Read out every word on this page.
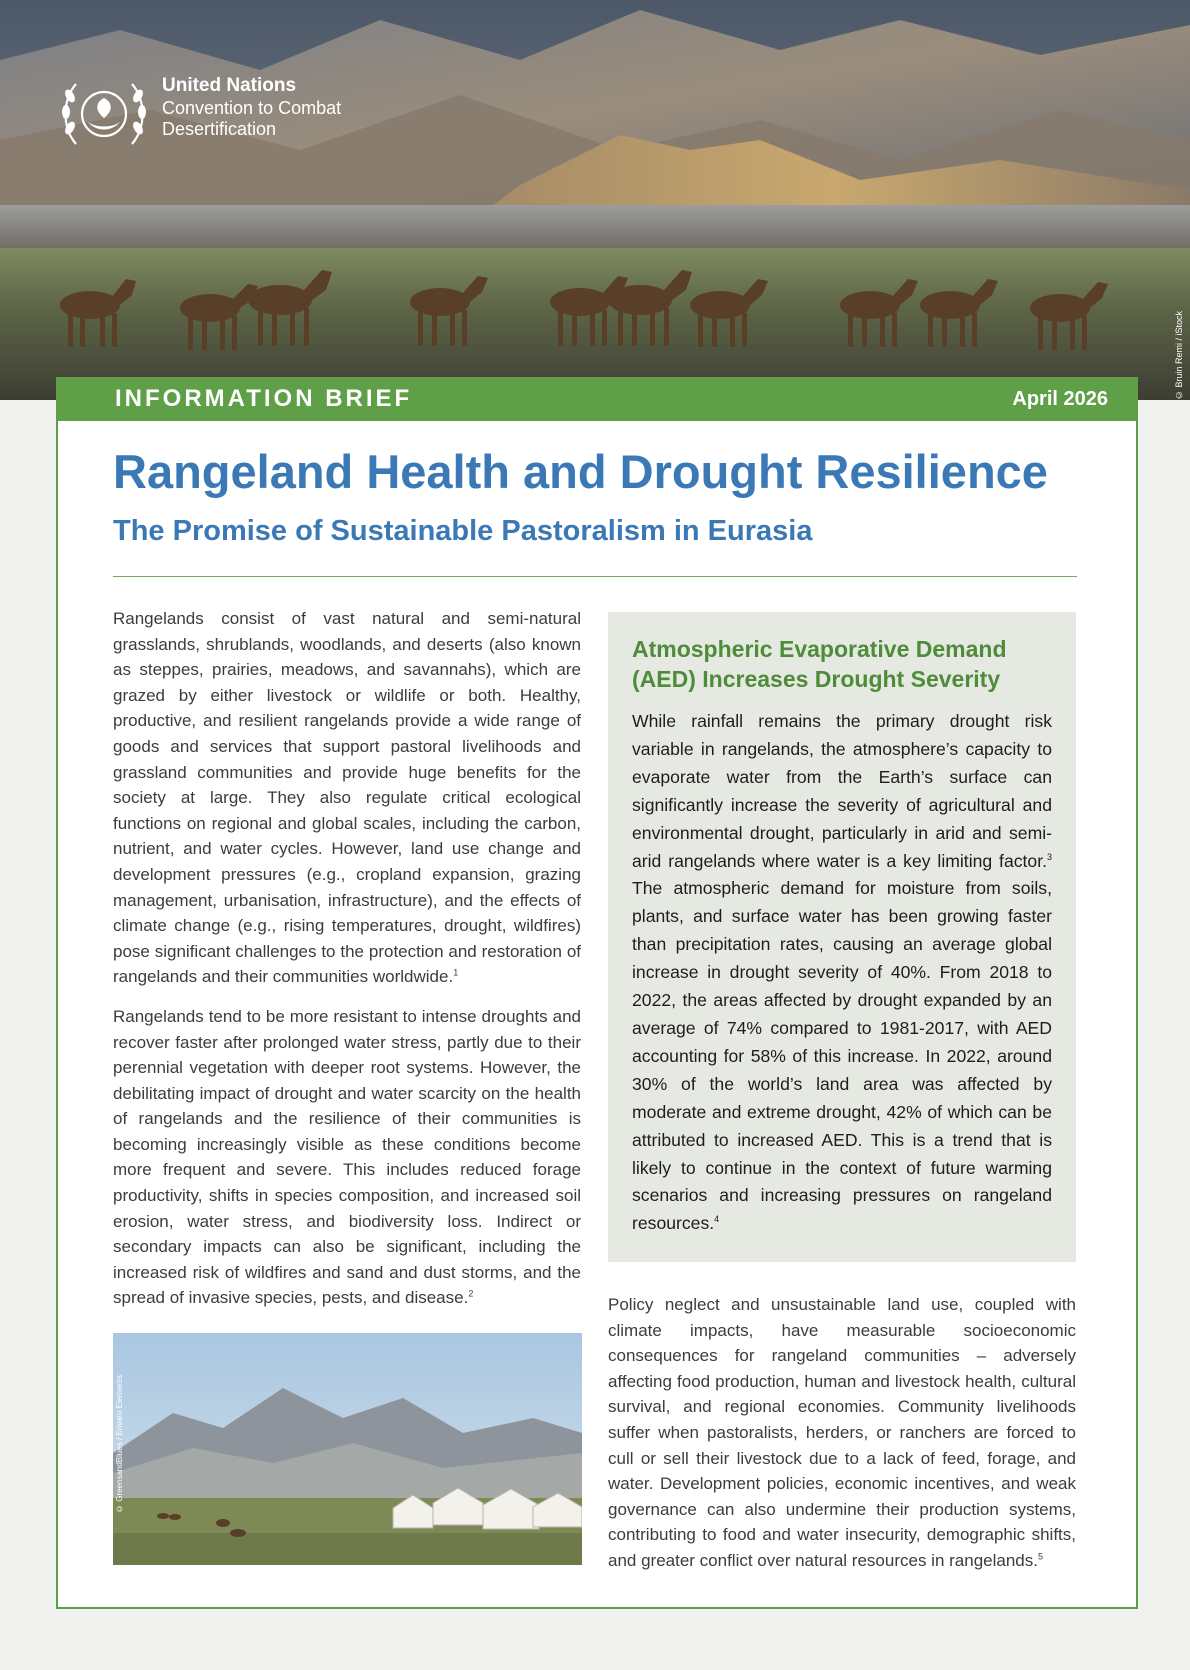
United Nations
Convention to Combat
Desertification
© Bruin Remi / iStock
INFORMATION BRIEF	April 2026
Rangeland Health and Drought Resilience
The Promise of Sustainable Pastoralism in Eurasia

Rangelands consist of vast natural and semi-natural grasslands, shrublands, woodlands, and deserts (also known as steppes, prairies, meadows, and savannahs), which are grazed by either livestock or wildlife or both. Healthy, productive, and resilient rangelands provide a wide range of goods and services that support pastoral livelihoods and grassland communities and provide huge benefits for the society at large. They also regulate critical ecological functions on regional and global scales, including the carbon, nutrient, and water cycles. However, land use change and development pressures (e.g., cropland expansion, grazing management, urbanisation, infrastructure), and the effects of climate change (e.g., rising temperatures, drought, wildfires) pose significant challenges to the protection and restoration of rangelands and their communities worldwide.$^1$

Rangelands tend to be more resistant to intense droughts and recover faster after prolonged water stress, partly due to their perennial vegetation with deeper root systems. However, the debilitating impact of drought and water scarcity on the health of rangelands and the resilience of their communities is becoming increasingly visible as these conditions become more frequent and severe. This includes reduced forage productivity, shifts in species composition, and increased soil erosion, water stress, and biodiversity loss. Indirect or secondary impacts can also be significant, including the increased risk of wildfires and sand and dust storms, and the spread of invasive species, pests, and disease.$^2$

© GreensandBlues / Envato Elements
Atmospheric Evaporative Demand (AED) Increases Drought Severity

While rainfall remains the primary drought risk variable in rangelands, the atmosphere’s capacity to evaporate water from the Earth’s surface can significantly increase the severity of agricultural and environmental drought, particularly in arid and semi-arid rangelands where water is a key limiting factor.$^3$ The atmospheric demand for moisture from soils, plants, and surface water has been growing faster than precipitation rates, causing an average global increase in drought severity of 40%. From 2018 to 2022, the areas affected by drought expanded by an average of 74% compared to 1981-2017, with AED accounting for 58% of this increase. In 2022, around 30% of the world’s land area was affected by moderate and extreme drought, 42% of which can be attributed to increased AED. This is a trend that is likely to continue in the context of future warming scenarios and increasing pressures on rangeland resources.$^4$

Policy neglect and unsustainable land use, coupled with climate impacts, have measurable socioeconomic consequences for rangeland communities – adversely affecting food production, human and livestock health, cultural survival, and regional economies. Community livelihoods suffer when pastoralists, herders, or ranchers are forced to cull or sell their livestock due to a lack of feed, forage, and water. Development policies, economic incentives, and weak governance can also undermine their production systems, contributing to food and water insecurity, demographic shifts, and greater conflict over natural resources in rangelands.$^5$
